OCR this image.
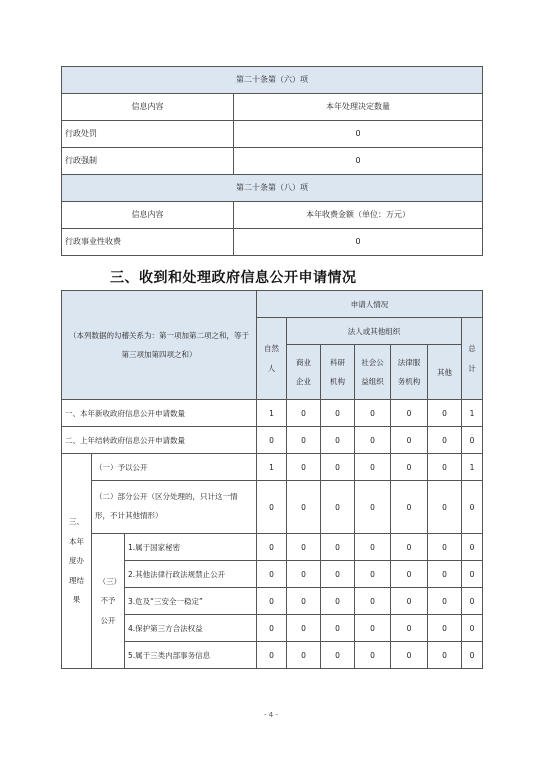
第二十条第（六）项	
信息内容	本年处理决定数量
行政处罚	0
行政强制	0
第二十条第（八）项	
信息内容	本年收费金额（单位：万元）
行政事业性收费	0
三、收到和处理政府信息公开申请情况
（本列数据的勾稽关系为：第一项加第二项之和，等于第三项加第四项之和）			申请人情况						
			自然人	法人或其他组织					总计
				商业企业	科研机构	社会公益组织	法律服务机构	其他	
一、本年新收政府信息公开申请数量			1	0	0	0	0	0	1
二、上年结转政府信息公开申请数量			0	0	0	0	0	0	0
三、本年度办理结果	（一）予以公开		1	0	0	0	0	0	1
	（二）部分公开（区分处理的，只计这一情形，不计其他情形）		0	0	0	0	0	0	0
	（三）不予公开	1.属于国家秘密	0	0	0	0	0	0	0
		2.其他法律行政法规禁止公开	0	0	0	0	0	0	0
		3.危及“三安全一稳定”	0	0	0	0	0	0	0
		4.保护第三方合法权益	0	0	0	0	0	0	0
		5.属于三类内部事务信息	0	0	0	0	0	0	0
- 4 -
